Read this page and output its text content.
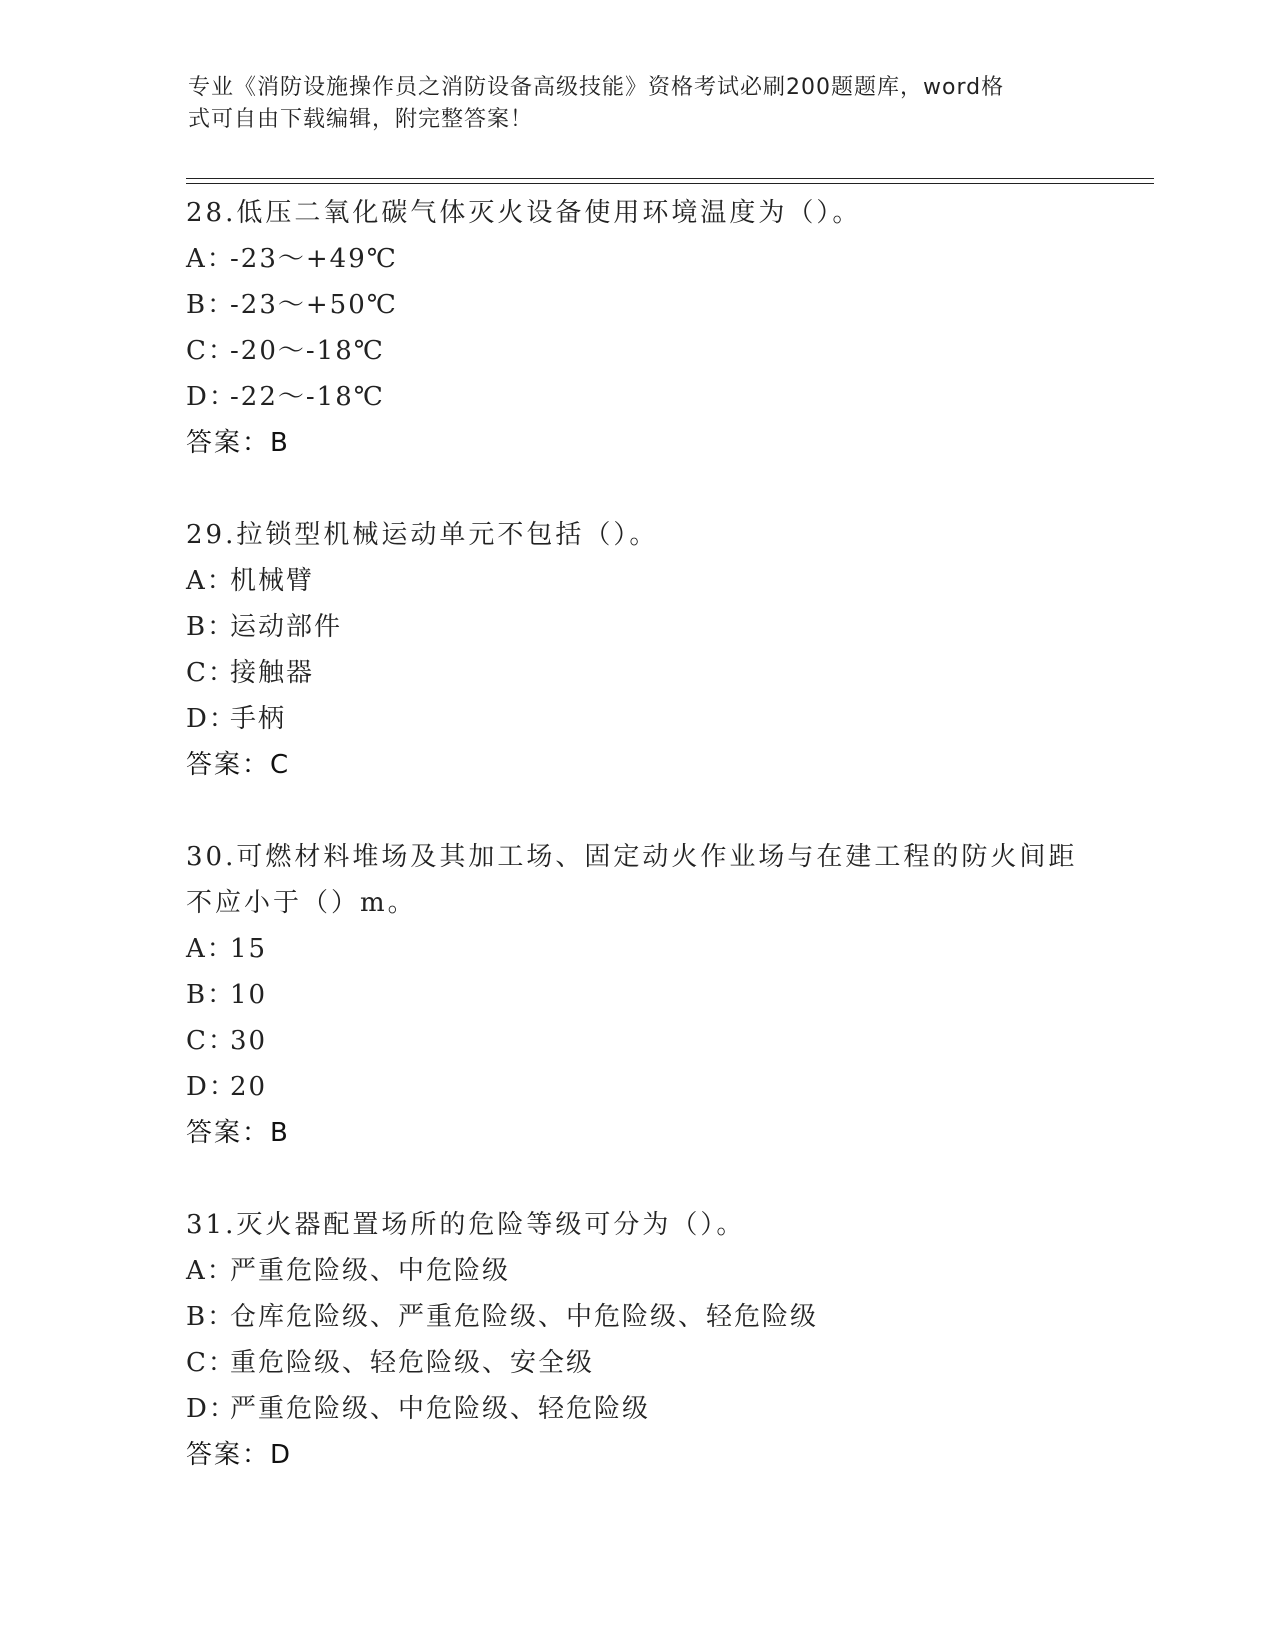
专业《消防设施操作员之消防设备高级技能》资格考试必刷200题题库，word格
式可自由下载编辑，附完整答案！
28.低压二氧化碳气体灭火设备使用环境温度为（）。
A：-23～+49℃
B：-23～+50℃
C：-20～-18℃
D：-22～-18℃
答案：B
29.拉锁型机械运动单元不包括（）。
A：机械臂
B：运动部件
C：接触器
D：手柄
答案：C
30.可燃材料堆场及其加工场、固定动火作业场与在建工程的防火间距不应小于（）m。
A：15
B：10
C：30
D：20
答案：B
31.灭火器配置场所的危险等级可分为（）。
A：严重危险级、中危险级
B：仓库危险级、严重危险级、中危险级、轻危险级
C：重危险级、轻危险级、安全级
D：严重危险级、中危险级、轻危险级
答案：D
